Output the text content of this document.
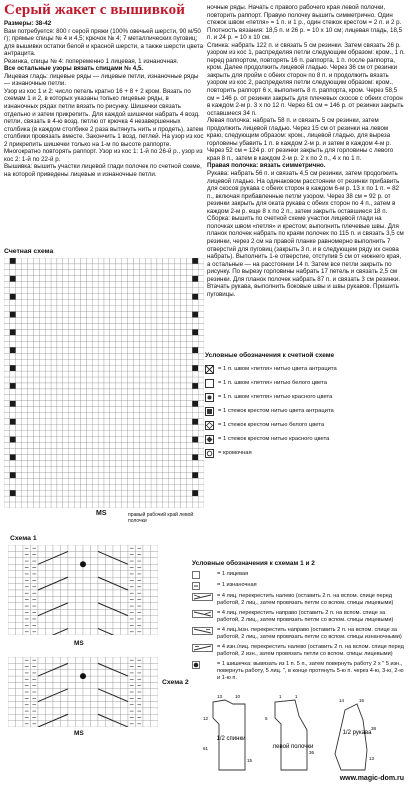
Серый жакет с вышивкой

Размеры: 38-42

Вам потребуется: 800 г серой пряжи (100% овечьей шерсти, 90 м/50 г); прямые спицы № 4 и 4,5; крючок № 4; 7 металлических пуговиц; для вышивки остатки белой и красной шерсти, а также шерсти цвета антрацита.

Резинка, спицы № 4: попеременно 1 лицевая, 1 изнаночная.

Все остальные узоры вязать спицами № 4,5.

Лицевая гладь: лицевые ряды — лицевые петли, изнаночные ряды — изнаночные петли.

Узор из кос 1 и 2: число петель кратно 16 + 8 + 2 кром. Вязать по схемам 1 и 2, в которых указаны только лицевые ряды, в изнаночных рядах петли вязать по рисунку. Шишечки связать отдельно и затем прикрепить. Для каждой шишечки набрать 4 возд. петли, связать в 4-ю возд. петлю от крючка 4 незавершенных столбика (в каждом столбике 2 раза вытянуть нить и продеть), затем столбики провязать вместе. Закончить 1 возд. петлей. На узор из кос 2 прикрепить шишечки только на 1-м по высоте раппорте. Многократно повторять раппорт. Узор из кос 1: 1-й по 26-й р., узор из кос 2: 1-й по 22-й р.

Вышивка: вышить участки лицевой глади полочек по счетной схеме, на которой приведены лицевые и изнаночные петли.

ночные ряды. Начать с правого рабочего края левой полочки, повторить раппорт. Правую полочку вышить симметрично. Один стежок швом «петля» = 1 п. и 1 р., один стежок крестом = 2 п. и 2 р.

Плотность вязания: 18,5 п. и 26 р. = 10 х 10 см; лицевая гладь, 18,5 п. и 24 р. = 10 х 10 см.

Спинка: набрать 122 п. и связать 5 см резинки. Затем связать 26 р. узором из кос 1, распределяя петли следующим образом: кром., 1 п. перед раппортом, повторять 16 п. раппорта, 1 п. после раппорта, кром. Далее продолжить лицевой гладью. Через 36 см от резинки закрыть для пройм с обеих сторон по 8 п. и продолжить вязать узором из кос 2, распределяя петли следующим образом: кром., повторить раппорт 6 х, выполнить 8 п. раппорта, кром. Через 58,5 см = 146 р. от резинки закрыть для плечевых скосов с обеих сторон в каждом 2-м р. 3 х по 12 п. Через 61 см = 146 р. от резинки закрыть оставшиеся 34 п.

Левая полочка: набрать 58 п. и связать 5 см резинки, затем продолжить лицевой гладью. Через 15 см от резинки на левом краю, следующим образом: кром., лицевой гладью, для выреза горловины убавить 1 п. в каждом 2-м р. и затем в каждом 4-м р. Через 52 см = 124 р. от резинки закрыть для горловины с левого края 8 п., затем в каждом 2-м р. 2 х по 2 п., 4 х по 1 п.

Правая полочка: вязать симметрично.

Рукава: набрать 56 п. и связать 4,5 см резинки, затем продолжить лицевой гладью. На одинаковом расстоянии от резинки прибавить для скосов рукава с обеих сторон в каждом 6-м р. 13 х по 1 п. = 82 п., включая прибавленные петли узором. Через 38 см = 92 р. от резинки закрыть для оката рукава с обеих сторон по 4 п., затем в каждом 2-м р. еще 8 х по 2 п., затем закрыть оставшиеся 18 п.

Сборка: вышить по счетной схеме участки лицевой глади на полочках швом «петля» и крестом; выполнить плечевые швы. Для планок полочек набрать по краям полочек по 115 п. и связать 3,5 см резинки, через 2 см на правой планке равномерно выполнить 7 отверстий для пуговиц (закрыть 3 п. и в следующем ряду их снова набрать). Выполнить 1-е отверстие, отступив 5 см от нижнего края, а остальные — на расстоянии 14 п. Затем все петли закрыть по рисунку. По вырезу горловины набрать 17 петель и связать 2,5 см резинки. Для планок полочек набрать 87 п. и связать 3 см резинки. Втачать рукава, выполнить боковые швы и швы рукавов. Пришить пуговицы.

Счетная схема
MS	правый рабочий край левой полочки
Условные обозначения к счетной схеме
= 1 п. швом «петля» нитью цвета антрацита
= 1 п. швом «петля» нитью белого цвета
= 1 п. швом «петля» нитью красного цвета
= 1 стежок крестом нитью цвета антрацита
= 1 стежок крестом нитью белого цвета
= 1 стежок крестом нитью красного цвета
= кромочная
Схема 1
MS
Схема 2
MS
Условные обозначения к схемам 1 и 2
= 1 лицевая
= 1 изнаночная
= 4 лиц. перекрестить налево (оставить 2 п. на вспом. спице перед работой, 2 лиц., затем провязать петли со вспом. спицы лицевыми)
= 4 лиц. перекрестить направо (оставить 2 п. на вспом. спице за работой, 2 лиц., затем провязать петли со вспом. спицы лицевыми)
= 4 лиц./изн. перекрестить направо (оставить 2 п. на вспом. спице за работой, 2 лиц., затем провязать петли со вспом. спицы изнаночными)
= 4 изн./лиц. перекрестить налево (оставить 2 п. на вспом. спице перед работой, 2 изн., затем провязать петли со вспом. спицы лицевыми)
= 1 шишечка: вывязать из 1 п. 5 п., затем повернуть работу 2 х " 5 изн., повернуть работу, 5 лиц. ", в конце протянуть 5-ю п. через 4-ю, 3-ю, 2-ю и 1-ю п.
1/2 спинки
левой полочки
1/2 рукава
13	10	1	1
14	15
12	5
15
36
13
38
61
www.magic-dom.ru
